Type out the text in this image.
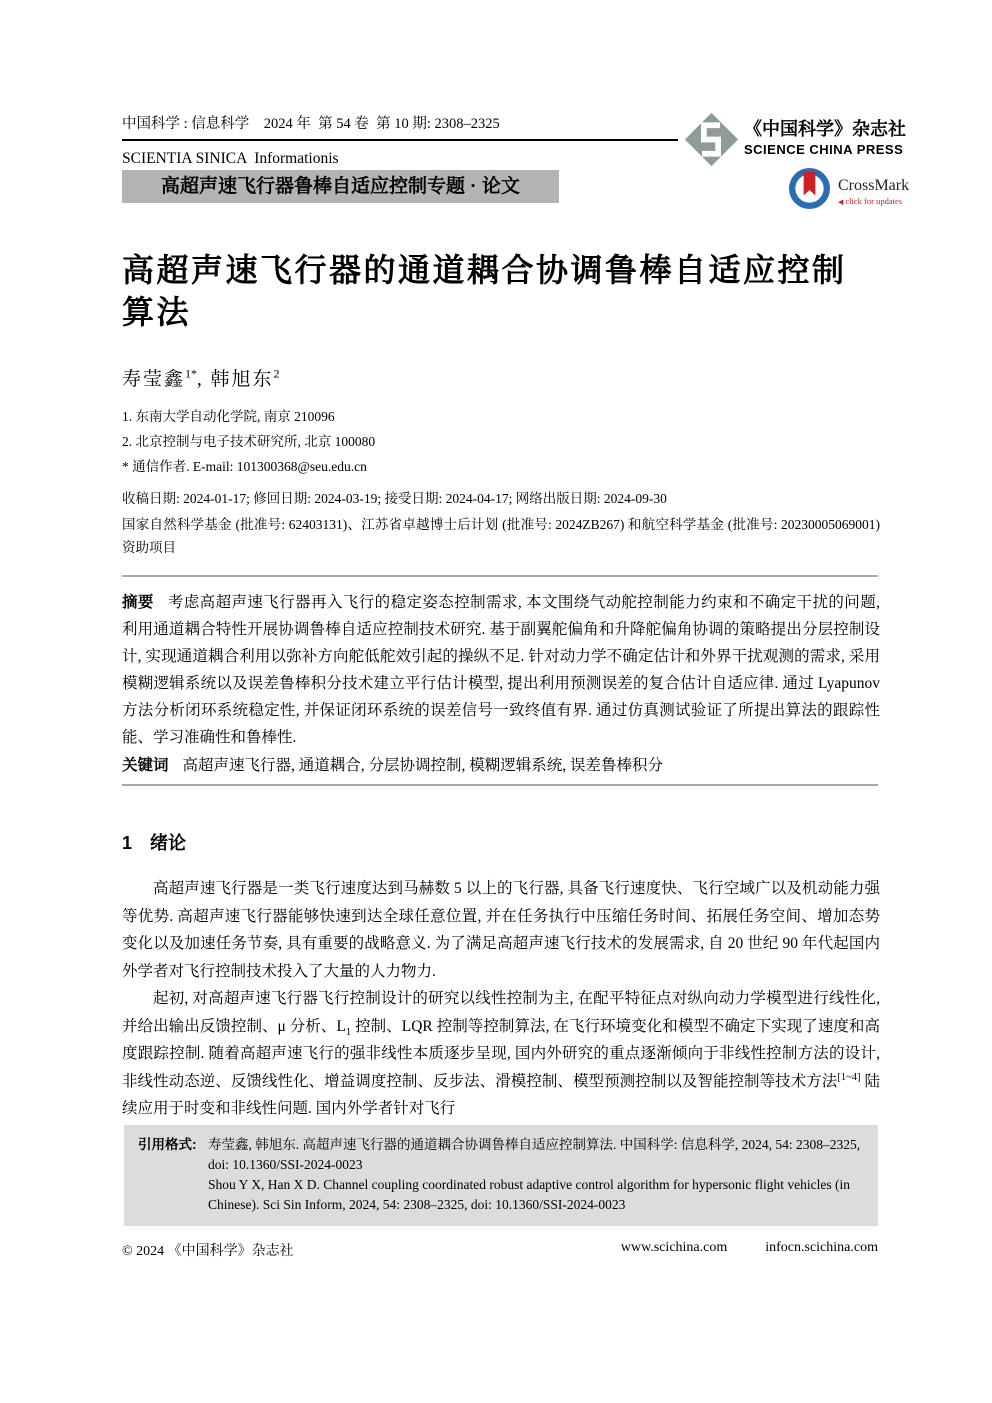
中国科学 : 信息科学    2024 年  第 54 卷  第 10 期: 2308–2325
SCIENTIA SINICA  Informationis
高超声速飞行器鲁棒自适应控制专题 · 论文
《中国科学》杂志社
SCIENCE CHINA PRESS
CrossMark
◀ click for updates
高超声速飞行器的通道耦合协调鲁棒自适应控制
算法
寿莹鑫$^{1*}$, 韩旭东$^2$
1. 东南大学自动化学院, 南京 210096
2. 北京控制与电子技术研究所, 北京 100080
* 通信作者. E-mail: 101300368@seu.edu.cn
收稿日期: 2024-01-17; 修回日期: 2024-03-19; 接受日期: 2024-04-17; 网络出版日期: 2024-09-30
国家自然科学基金 (批准号: 62403131)、江苏省卓越博士后计划 (批准号: 2024ZB267) 和航空科学基金 (批准号: 20230005069001) 资助项目
摘要 考虑高超声速飞行器再入飞行的稳定姿态控制需求, 本文围绕气动舵控制能力约束和不确定干扰的问题, 利用通道耦合特性开展协调鲁棒自适应控制技术研究. 基于副翼舵偏角和升降舵偏角协调的策略提出分层控制设计, 实现通道耦合利用以弥补方向舵低舵效引起的操纵不足. 针对动力学不确定估计和外界干扰观测的需求, 采用模糊逻辑系统以及误差鲁棒积分技术建立平行估计模型, 提出利用预测误差的复合估计自适应律. 通过 Lyapunov 方法分析闭环系统稳定性, 并保证闭环系统的误差信号一致终值有界. 通过仿真测试验证了所提出算法的跟踪性能、学习准确性和鲁棒性.
关键词 高超声速飞行器, 通道耦合, 分层协调控制, 模糊逻辑系统, 误差鲁棒积分
1 绪论

高超声速飞行器是一类飞行速度达到马赫数 5 以上的飞行器, 具备飞行速度快、飞行空域广以及机动能力强等优势. 高超声速飞行器能够快速到达全球任意位置, 并在任务执行中压缩任务时间、拓展任务空间、增加态势变化以及加速任务节奏, 具有重要的战略意义. 为了满足高超声速飞行技术的发展需求, 自 20 世纪 90 年代起国内外学者对飞行控制技术投入了大量的人力物力.

起初, 对高超声速飞行器飞行控制设计的研究以线性控制为主, 在配平特征点对纵向动力学模型进行线性化, 并给出输出反馈控制、μ 分析、$L_1$ 控制、LQR 控制等控制算法, 在飞行环境变化和模型不确定下实现了速度和高度跟踪控制. 随着高超声速飞行的强非线性本质逐步呈现, 国内外研究的重点逐渐倾向于非线性控制方法的设计, 非线性动态逆、反馈线性化、增益调度控制、反步法、滑模控制、模型预测控制以及智能控制等技术方法[1~4] 陆续应用于时变和非线性问题. 国内外学者针对飞行

引用格式: 寿莹鑫, 韩旭东. 高超声速飞行器的通道耦合协调鲁棒自适应控制算法. 中国科学: 信息科学, 2024, 54: 2308–2325, doi: 10.1360/SSI-2024-0023

Shou Y X, Han X D. Channel coupling coordinated robust adaptive control algorithm for hypersonic flight vehicles (in Chinese). Sci Sin Inform, 2024, 54: 2308–2325, doi: 10.1360/SSI-2024-0023

© 2024 《中国科学》杂志社	www.scichina.com	infocn.scichina.com
